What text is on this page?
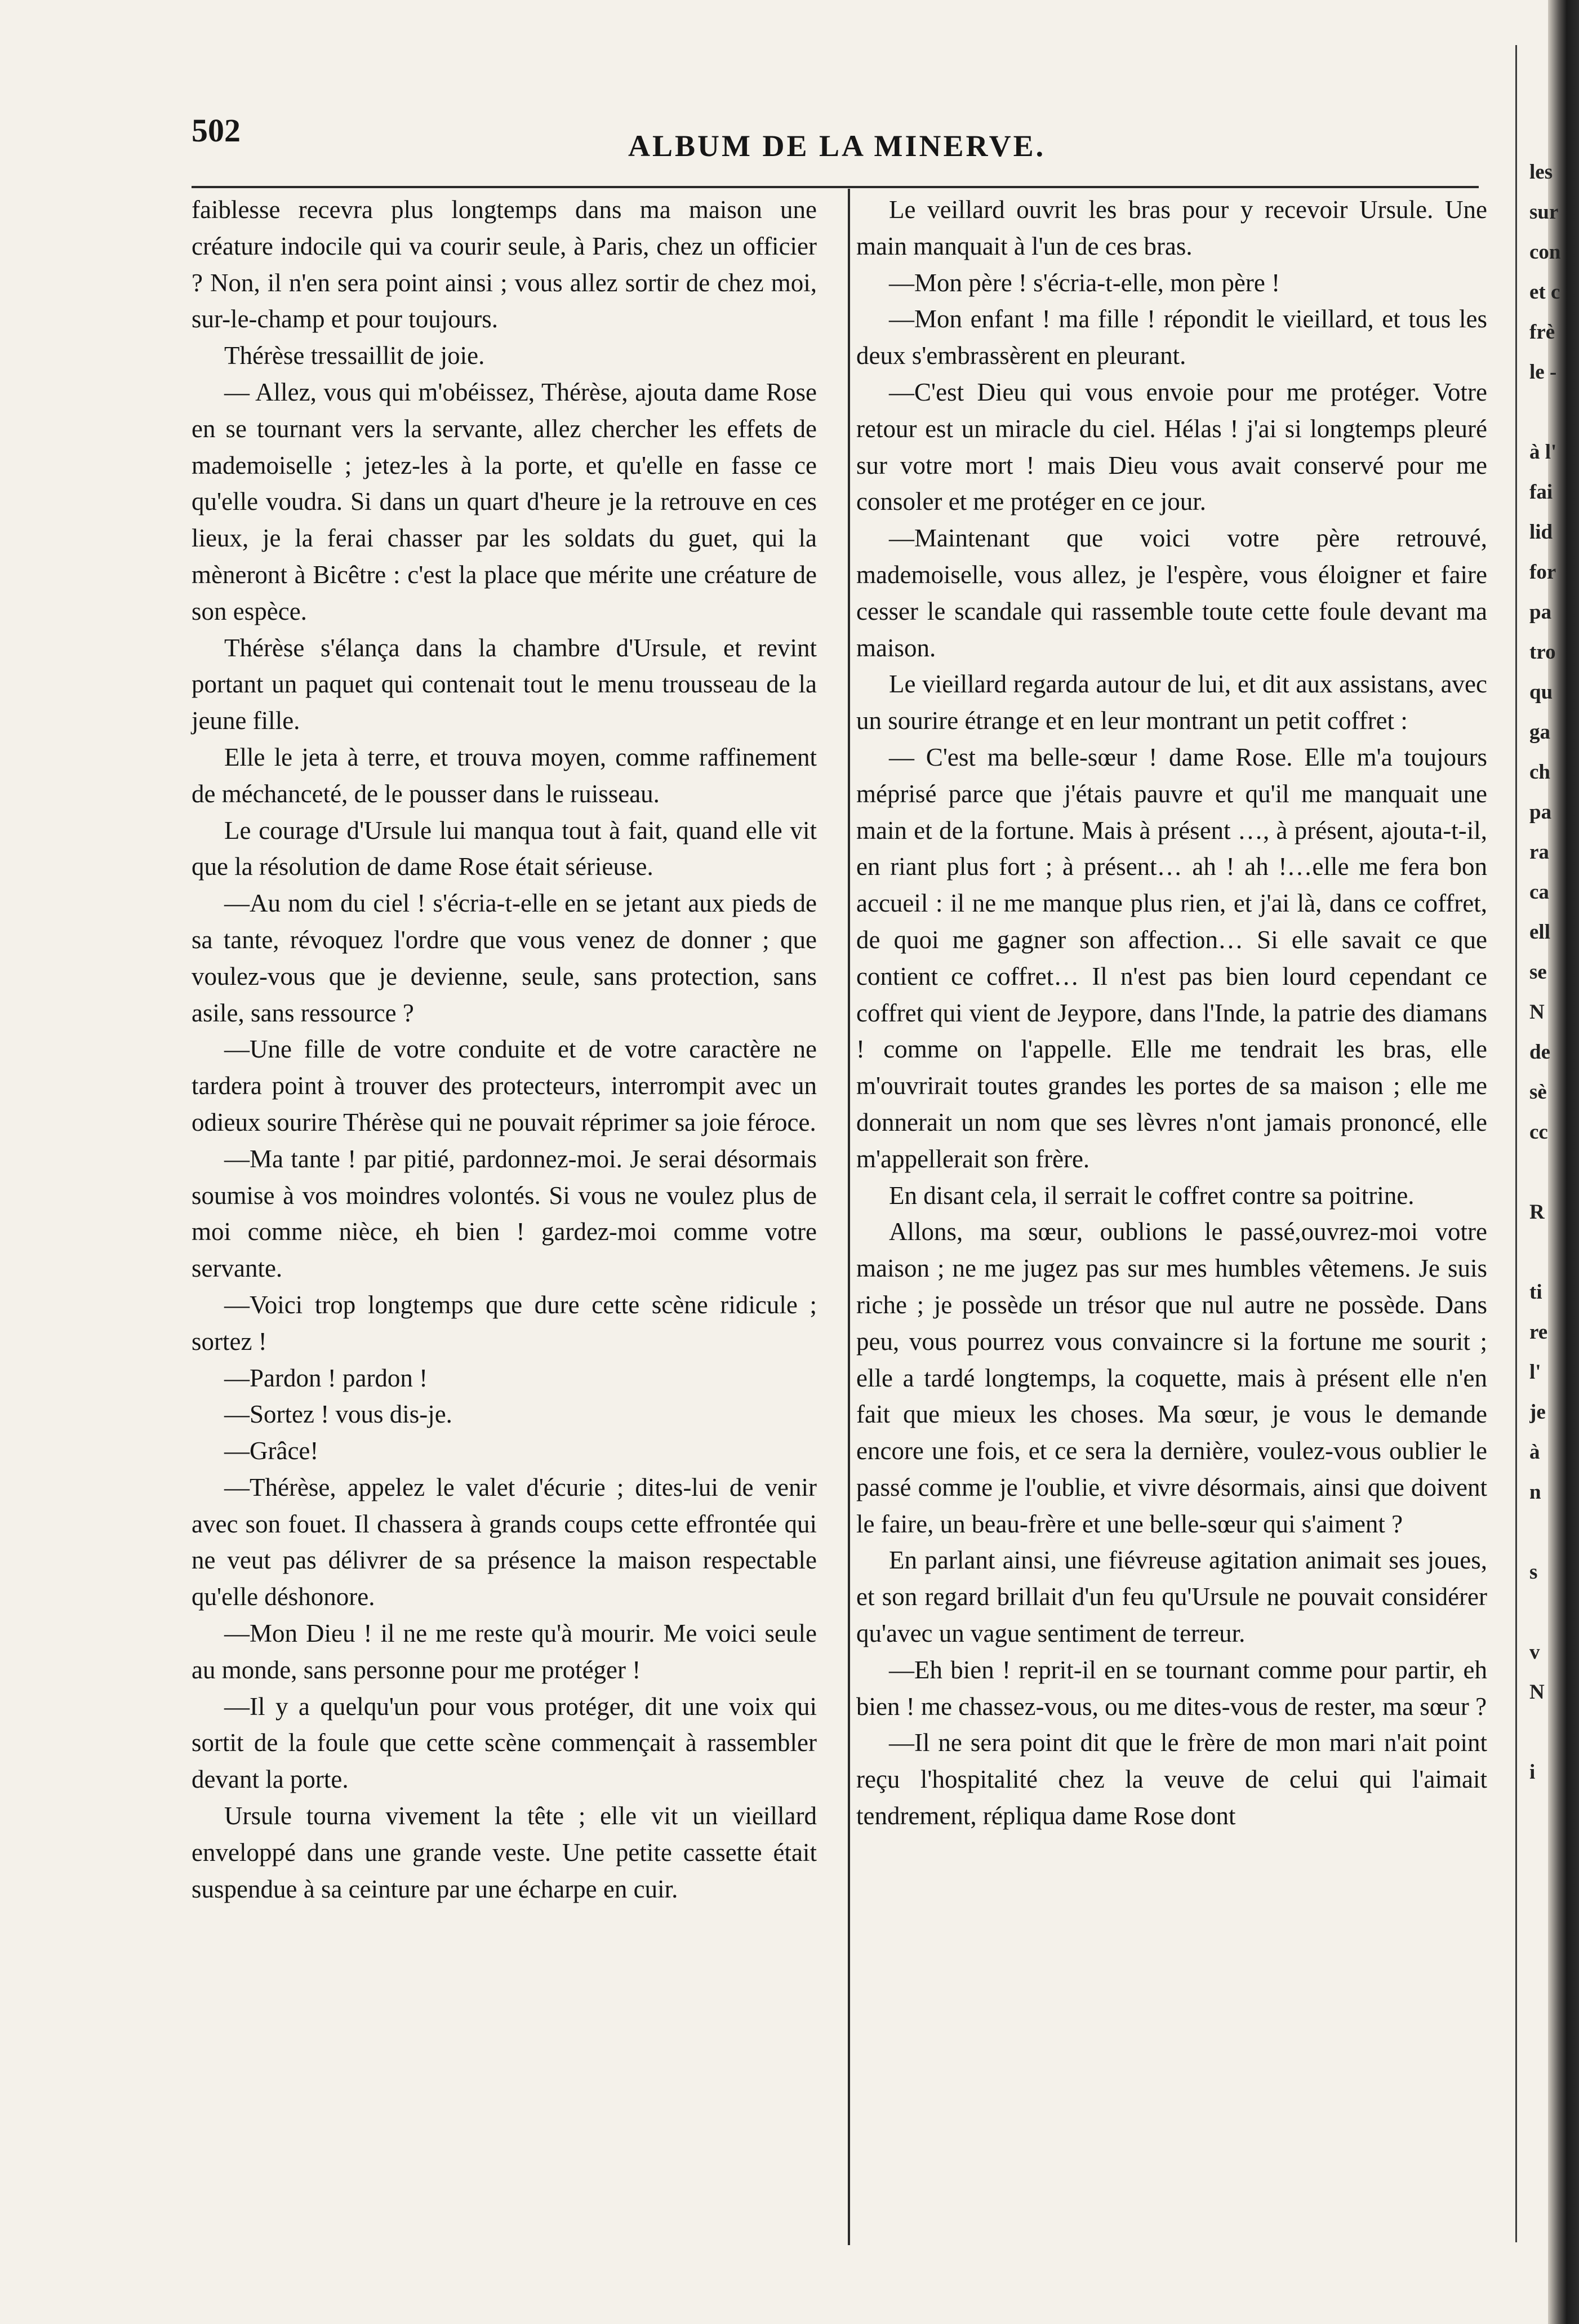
les
sur
con
et c
frè
le -
à l'
fai
lid
for
pa
tro
qu
ga
ch
pa
ra
ca
ell
se
N
de
sè
cc
R
ti
re
l'
je
à
n
s
v
N
i
502	ALBUM DE LA MINERVE.

faiblesse recevra plus longtemps dans ma maison une créature indocile qui va courir seule, à Paris, chez un officier ? Non, il n'en sera point ainsi ; vous allez sortir de chez moi, sur-le-champ et pour toujours.

Thérèse tressaillit de joie.

— Allez, vous qui m'obéissez, Thérèse, ajouta dame Rose en se tournant vers la servante, allez chercher les effets de mademoiselle ; jetez-les à la porte, et qu'elle en fasse ce qu'elle voudra. Si dans un quart d'heure je la retrouve en ces lieux, je la ferai chasser par les soldats du guet, qui la mèneront à Bicêtre : c'est la place que mérite une créature de son espèce.

Thérèse s'élança dans la chambre d'Ursule, et revint portant un paquet qui contenait tout le menu trousseau de la jeune fille.

Elle le jeta à terre, et trouva moyen, comme raffinement de méchanceté, de le pousser dans le ruisseau.

Le courage d'Ursule lui manqua tout à fait, quand elle vit que la résolution de dame Rose était sérieuse.

—Au nom du ciel ! s'écria-t-elle en se jetant aux pieds de sa tante, révoquez l'ordre que vous venez de donner ; que voulez-vous que je devienne, seule, sans protection, sans asile, sans ressource ?

—Une fille de votre conduite et de votre caractère ne tardera point à trouver des protecteurs, interrompit avec un odieux sourire Thérèse qui ne pouvait réprimer sa joie féroce.

—Ma tante ! par pitié, pardonnez-moi. Je serai désormais soumise à vos moindres volontés. Si vous ne voulez plus de moi comme nièce, eh bien ! gardez-moi comme votre servante.

—Voici trop longtemps que dure cette scène ridicule ; sortez !

—Pardon ! pardon !

—Sortez ! vous dis-je.

—Grâce!

—Thérèse, appelez le valet d'écurie ; dites-lui de venir avec son fouet. Il chassera à grands coups cette effrontée qui ne veut pas délivrer de sa présence la maison respectable qu'elle déshonore.

—Mon Dieu ! il ne me reste qu'à mourir. Me voici seule au monde, sans personne pour me protéger !

—Il y a quelqu'un pour vous protéger, dit une voix qui sortit de la foule que cette scène commençait à rassembler devant la porte.

Ursule tourna vivement la tête ; elle vit un vieillard enveloppé dans une grande veste. Une petite cassette était suspendue à sa ceinture par une écharpe en cuir.

Le veillard ouvrit les bras pour y recevoir Ursule. Une main manquait à l'un de ces bras.

—Mon père ! s'écria-t-elle, mon père !

—Mon enfant ! ma fille ! répondit le vieillard, et tous les deux s'embrassèrent en pleurant.

—C'est Dieu qui vous envoie pour me protéger. Votre retour est un miracle du ciel. Hélas ! j'ai si longtemps pleuré sur votre mort ! mais Dieu vous avait conservé pour me consoler et me protéger en ce jour.

—Maintenant que voici votre père retrouvé, mademoiselle, vous allez, je l'espère, vous éloigner et faire cesser le scandale qui rassemble toute cette foule devant ma maison.

Le vieillard regarda autour de lui, et dit aux assistans, avec un sourire étrange et en leur montrant un petit coffret :

— C'est ma belle-sœur ! dame Rose. Elle m'a toujours méprisé parce que j'étais pauvre et qu'il me manquait une main et de la fortune. Mais à présent …, à présent, ajouta-t-il, en riant plus fort ; à présent… ah ! ah !…elle me fera bon accueil : il ne me manque plus rien, et j'ai là, dans ce coffret, de quoi me gagner son affection… Si elle savait ce que contient ce coffret… Il n'est pas bien lourd cependant ce coffret qui vient de Jeypore, dans l'Inde, la patrie des diamans ! comme on l'appelle. Elle me tendrait les bras, elle m'ouvrirait toutes grandes les portes de sa maison ; elle me donnerait un nom que ses lèvres n'ont jamais prononcé, elle m'appellerait son frère.

En disant cela, il serrait le coffret contre sa poitrine.

Allons, ma sœur, oublions le passé,ouvrez-moi votre maison ; ne me jugez pas sur mes humbles vêtemens. Je suis riche ; je possède un trésor que nul autre ne possède. Dans peu, vous pourrez vous convaincre si la fortune me sourit ; elle a tardé longtemps, la coquette, mais à présent elle n'en fait que mieux les choses. Ma sœur, je vous le demande encore une fois, et ce sera la dernière, voulez-vous oublier le passé comme je l'oublie, et vivre désormais, ainsi que doivent le faire, un beau-frère et une belle-sœur qui s'aiment ?

En parlant ainsi, une fiévreuse agitation animait ses joues, et son regard brillait d'un feu qu'Ursule ne pouvait considérer qu'avec un vague sentiment de terreur.

—Eh bien ! reprit-il en se tournant comme pour partir, eh bien ! me chassez-vous, ou me dites-vous de rester, ma sœur ?

—Il ne sera point dit que le frère de mon mari n'ait point reçu l'hospitalité chez la veuve de celui qui l'aimait tendrement, répliqua dame Rose dont
